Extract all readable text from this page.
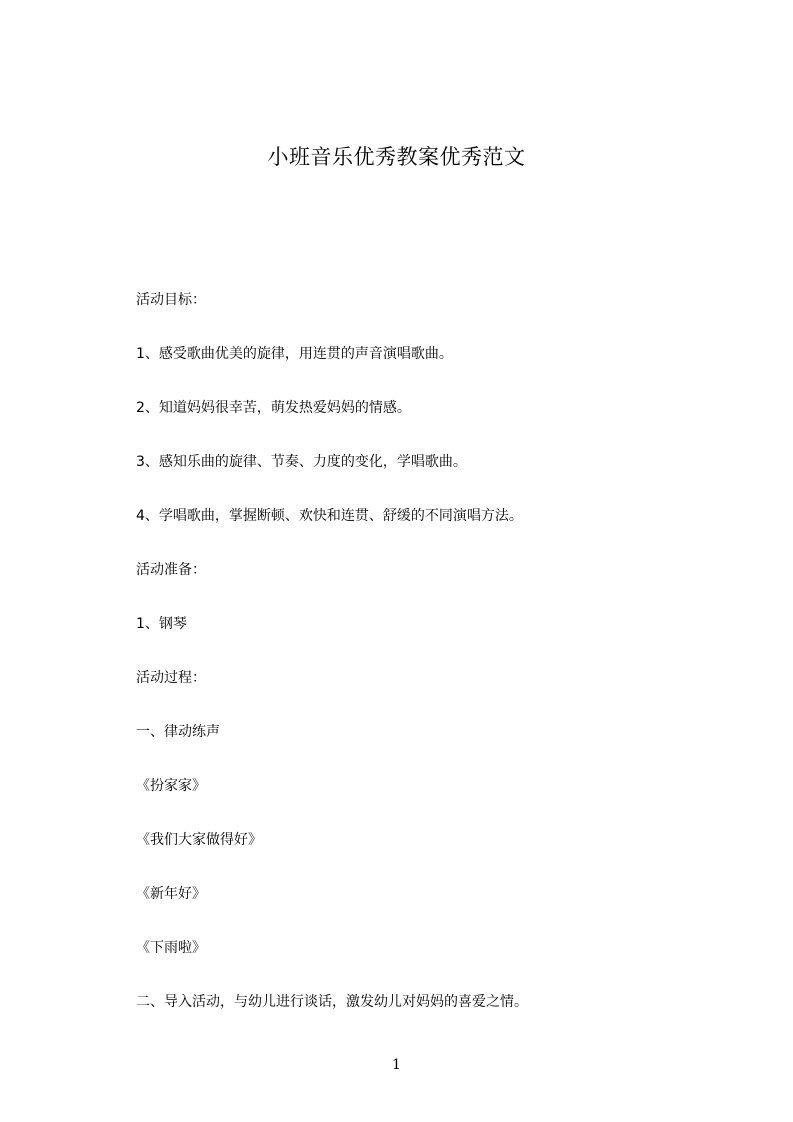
小班音乐优秀教案优秀范文
活动目标：
1、感受歌曲优美的旋律，用连贯的声音演唱歌曲。
2、知道妈妈很幸苦，萌发热爱妈妈的情感。
3、感知乐曲的旋律、节奏、力度的变化，学唱歌曲。
4、学唱歌曲，掌握断顿、欢快和连贯、舒缓的不同演唱方法。
活动准备：
1、钢琴
活动过程：
一、律动练声
《扮家家》
《我们大家做得好》
《新年好》
《下雨啦》
二、导入活动，与幼儿进行谈话，激发幼儿对妈妈的喜爱之情。
1
